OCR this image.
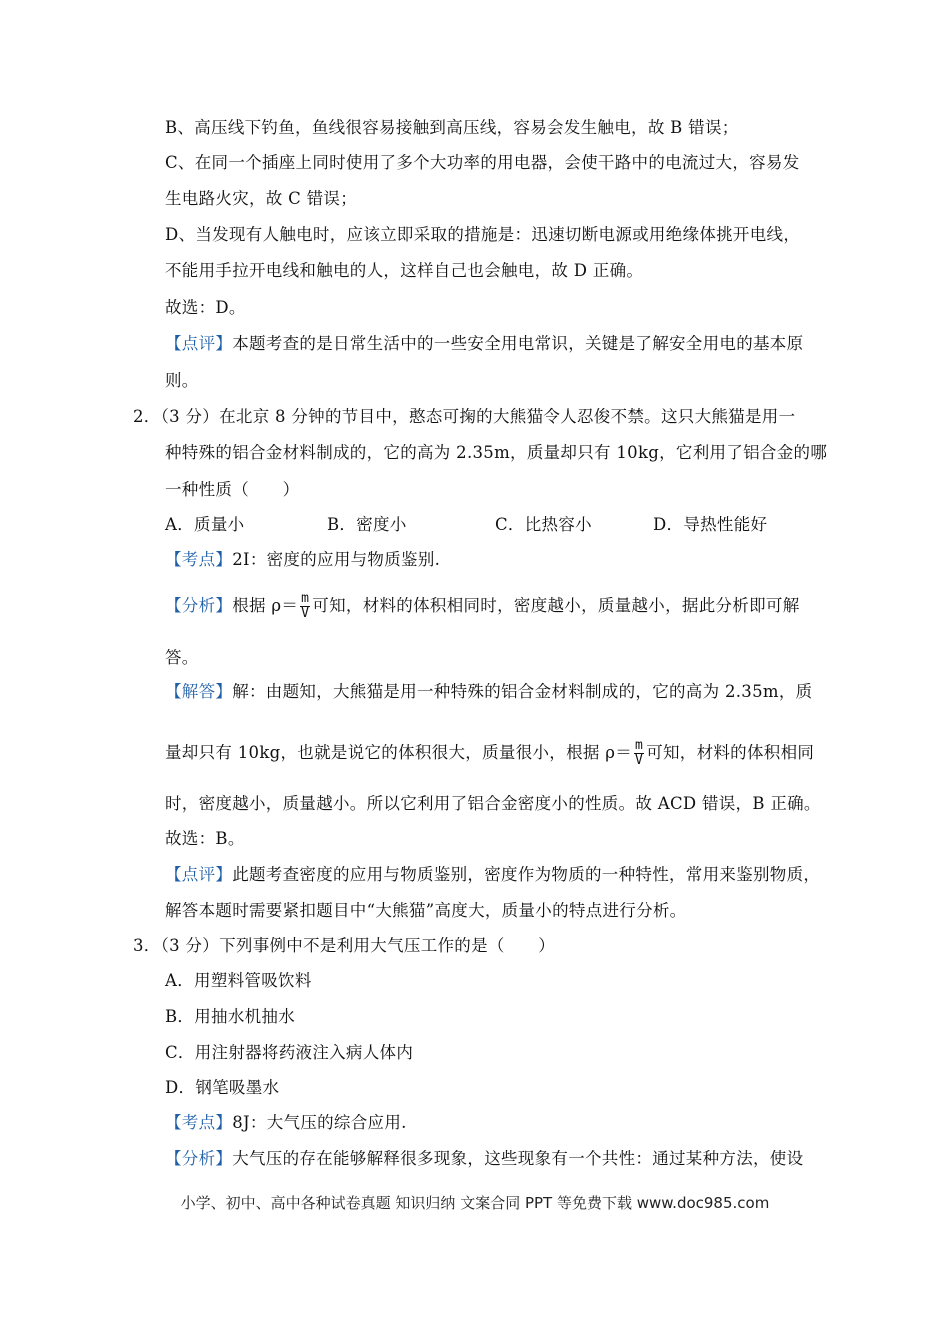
B、高压线下钓鱼，鱼线很容易接触到高压线，容易会发生触电，故 B 错误；
C、在同一个插座上同时使用了多个大功率的用电器，会使干路中的电流过大，容易发
生电路火灾，故 C 错误；
D、当发现有人触电时，应该立即采取的措施是：迅速切断电源或用绝缘体挑开电线，
不能用手拉开电线和触电的人，这样自己也会触电，故 D 正确。
故选：D。
【点评】本题考查的是日常生活中的一些安全用电常识，关键是了解安全用电的基本原
则。
2．（3 分）在北京 8 分钟的节目中，憨态可掬的大熊猫令人忍俊不禁。这只大熊猫是用一
种特殊的铝合金材料制成的，它的高为 2.35m，质量却只有 10kg，它利用了铝合金的哪
一种性质（　　）
A．质量小	B．密度小	C．比热容小	D．导热性能好
【考点】2I：密度的应用与物质鉴别.
【分析】根据 $\rho= \frac{m}{V}$ 可知，材料的体积相同时，密度越小，质量越小，据此分析即可解
答。
【解答】解：由题知，大熊猫是用一种特殊的铝合金材料制成的，它的高为 2.35m，质
量却只有 10kg，也就是说它的体积很大，质量很小，根据 $\rho= \frac{m}{V}$ 可知，材料的体积相同
时，密度越小，质量越小。所以它利用了铝合金密度小的性质。故 ACD 错误，B 正确。
故选：B。
【点评】此题考查密度的应用与物质鉴别，密度作为物质的一种特性，常用来鉴别物质，
解答本题时需要紧扣题目中“大熊猫”高度大，质量小的特点进行分析。
3．（3 分）下列事例中不是利用大气压工作的是（　　）
A．用塑料管吸饮料
B．用抽水机抽水
C．用注射器将药液注入病人体内
D．钢笔吸墨水
【考点】8J：大气压的综合应用.
【分析】大气压的存在能够解释很多现象，这些现象有一个共性：通过某种方法，使设
小学、初中、高中各种试卷真题 知识归纳 文案合同 PPT 等免费下载 www.doc985.com
